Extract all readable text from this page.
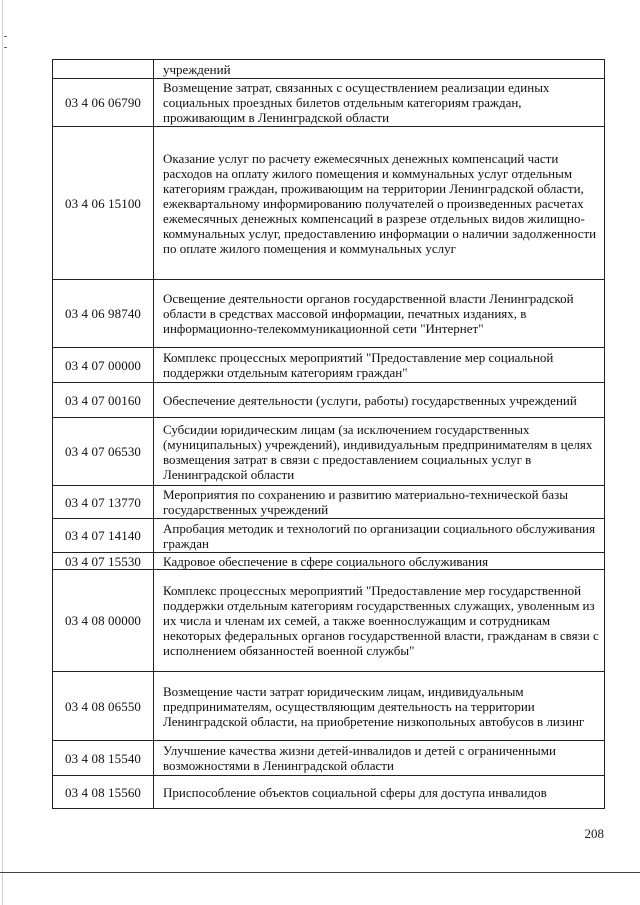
	учреждений
03 4 06 06790	Возмещение затрат, связанных с осуществлением реализации единых социальных проездных билетов отдельным категориям граждан, проживающим в Ленинградской области
03 4 06 15100	Оказание услуг по расчету ежемесячных денежных компенсаций части расходов на оплату жилого помещения и коммунальных услуг отдельным категориям граждан, проживающим на территории Ленинградской области, ежеквартальному информированию получателей о произведенных расчетах ежемесячных денежных компенсаций в разрезе отдельных видов жилищно-коммунальных услуг, предоставлению информации о наличии задолженности по оплате жилого помещения и коммунальных услуг
03 4 06 98740	Освещение деятельности органов государственной власти Ленинградской области в средствах массовой информации, печатных изданиях, в информационно-телекоммуникационной сети "Интернет"
03 4 07 00000	Комплекс процессных мероприятий "Предоставление мер социальной поддержки отдельным категориям граждан"
03 4 07 00160	Обеспечение деятельности (услуги, работы) государственных учреждений
03 4 07 06530	Субсидии юридическим лицам (за исключением государственных (муниципальных) учреждений), индивидуальным предпринимателям в целях возмещения затрат в связи с предоставлением социальных услуг в Ленинградской области
03 4 07 13770	Мероприятия по сохранению и развитию материально-технической базы государственных учреждений
03 4 07 14140	Апробация методик и технологий по организации социального обслуживания граждан
03 4 07 15530	Кадровое обеспечение в сфере социального обслуживания
03 4 08 00000	Комплекс процессных мероприятий "Предоставление мер государственной поддержки отдельным категориям государственных служащих, уволенным из их числа и членам их семей, а также военнослужащим и сотрудникам некоторых федеральных органов государственной власти, гражданам в связи с исполнением обязанностей военной службы"
03 4 08 06550	Возмещение части затрат юридическим лицам, индивидуальным предпринимателям, осуществляющим деятельность на территории Ленинградской области, на приобретение низкопольных автобусов в лизинг
03 4 08 15540	Улучшение качества жизни детей-инвалидов и детей с ограниченными возможностями в Ленинградской области
03 4 08 15560	Приспособление объектов социальной сферы для доступа инвалидов
208
